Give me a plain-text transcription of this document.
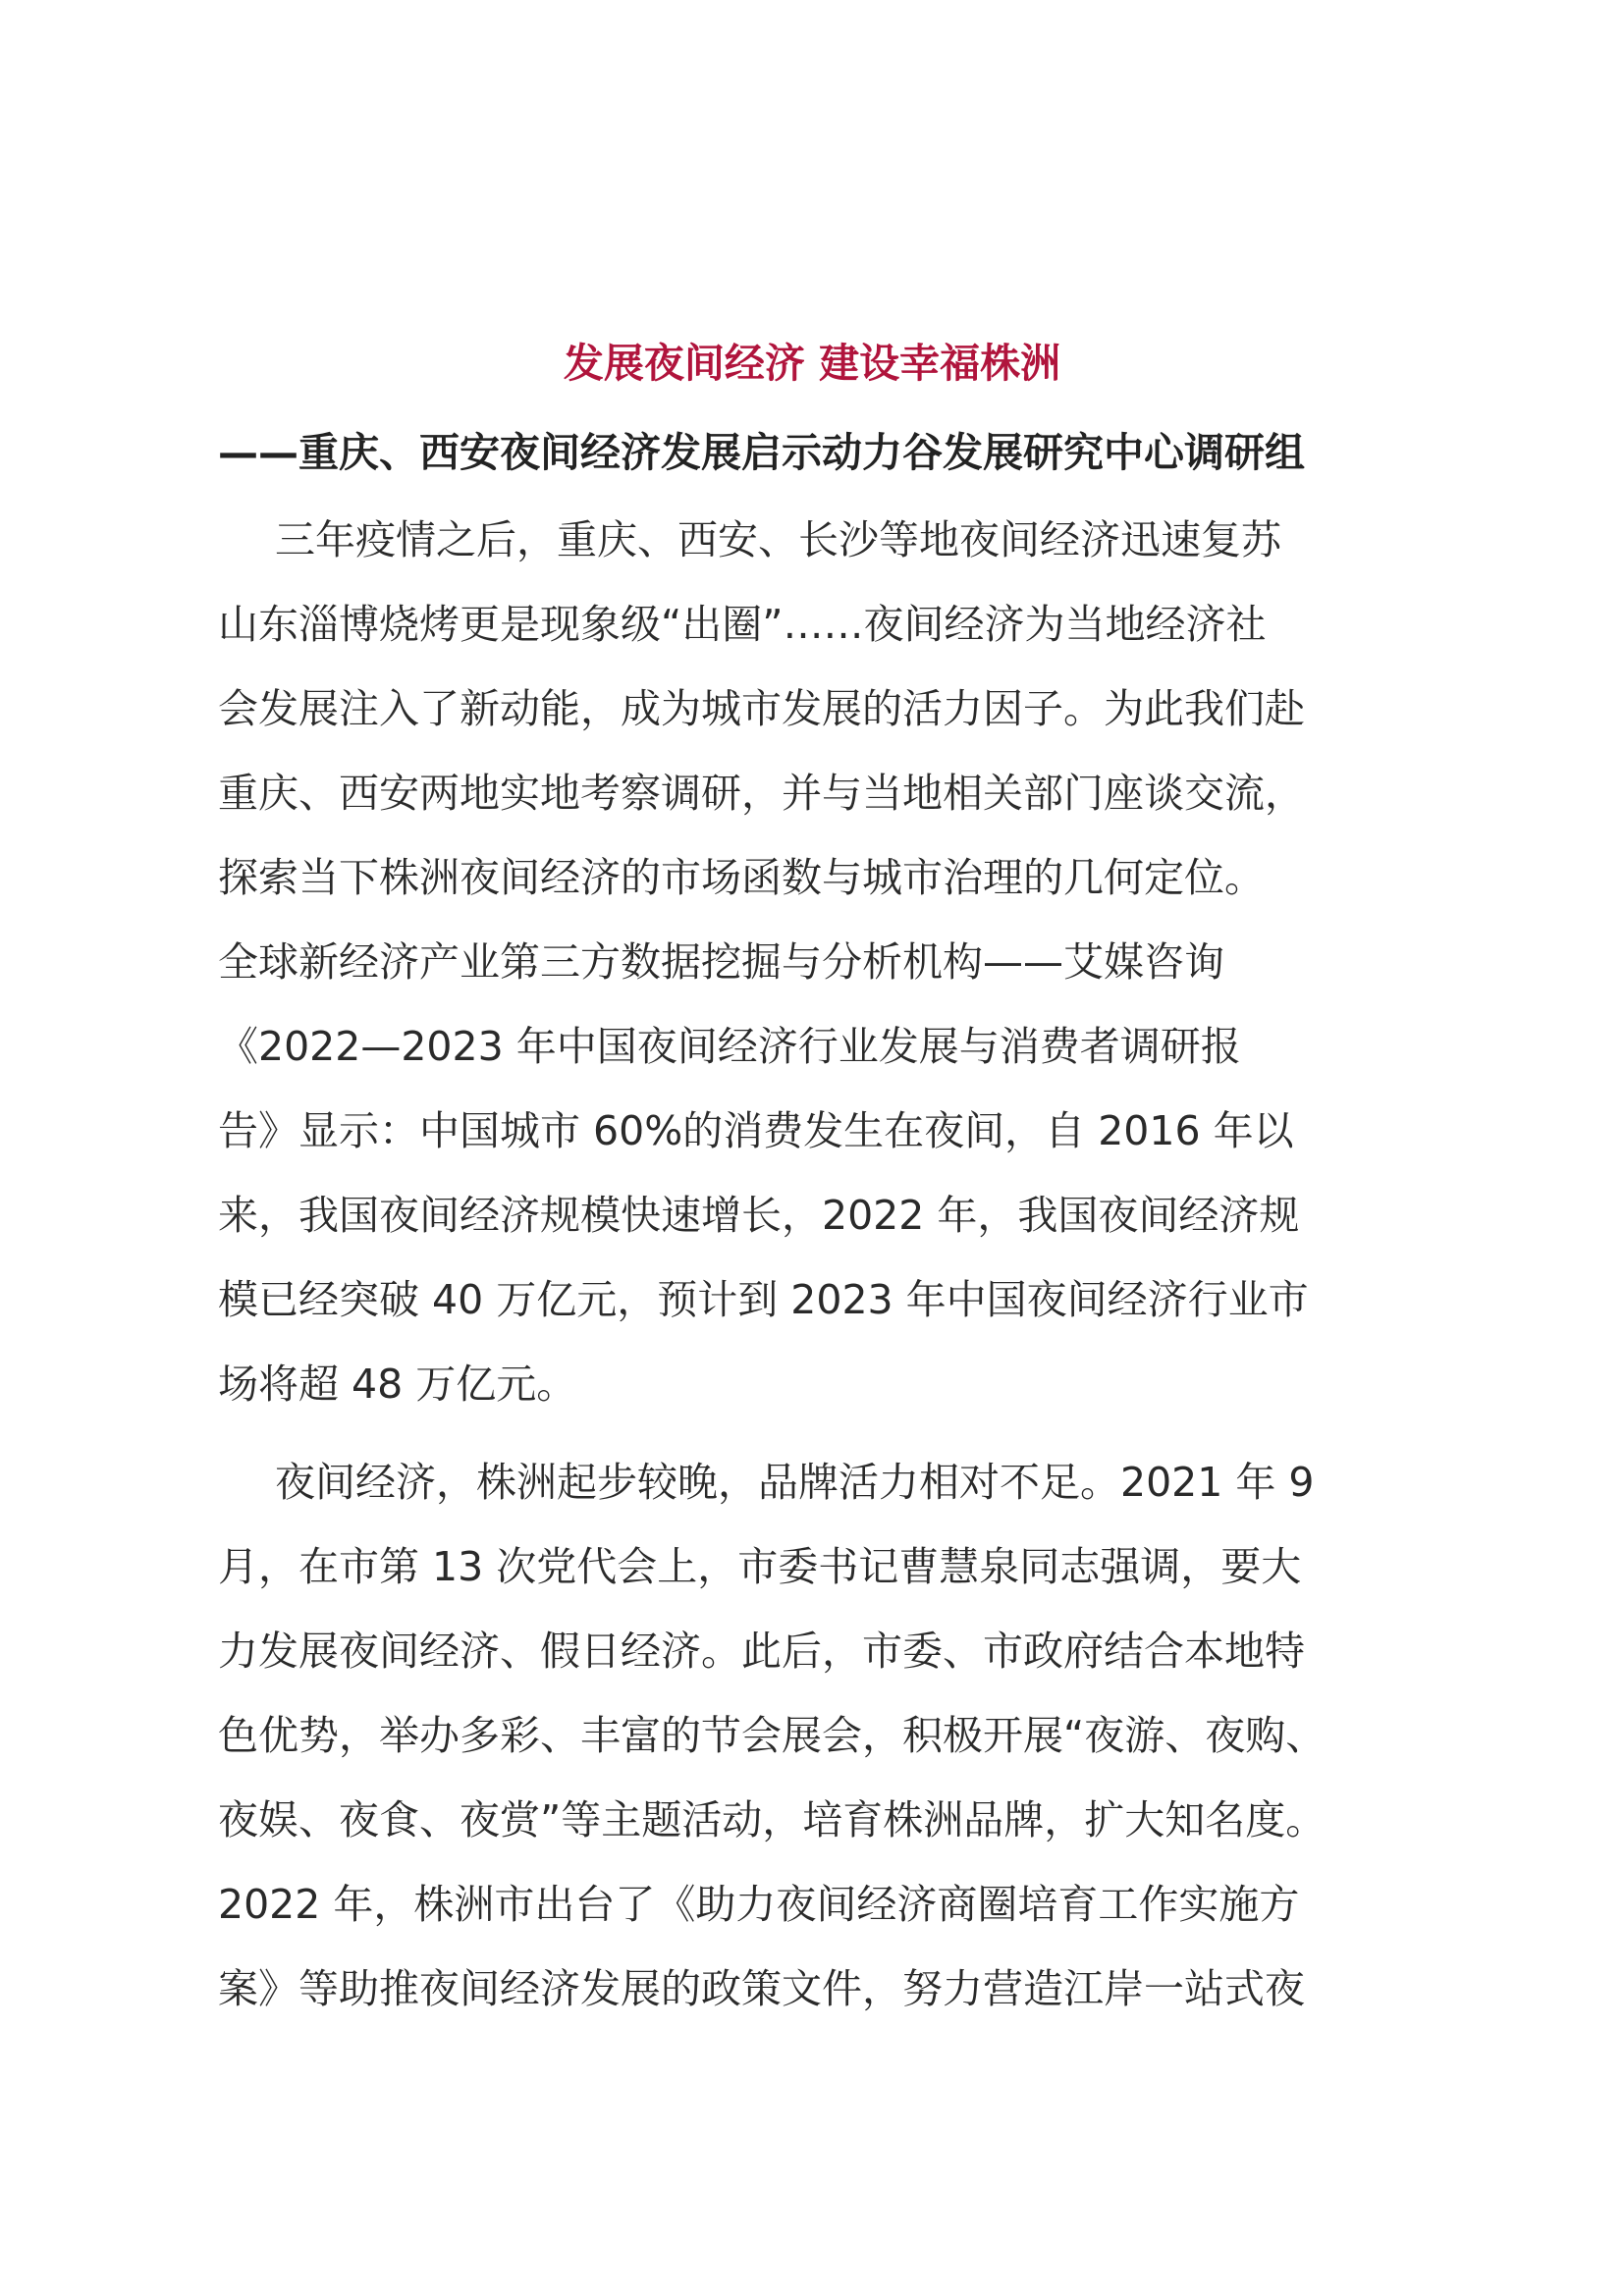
发展夜间经济 建设幸福株洲
——重庆、西安夜间经济发展启示动力谷发展研究中心调研组
三年疫情之后，重庆、西安、长沙等地夜间经济迅速复苏
山东淄博烧烤更是现象级“出圈”……夜间经济为当地经济社
会发展注入了新动能，成为城市发展的活力因子。为此我们赴
重庆、西安两地实地考察调研，并与当地相关部门座谈交流，
探索当下株洲夜间经济的市场函数与城市治理的几何定位。
全球新经济产业第三方数据挖掘与分析机构——艾媒咨询
《2022—2023 年中国夜间经济行业发展与消费者调研报
告》显示：中国城市 60%的消费发生在夜间，自 2016 年以
来，我国夜间经济规模快速增长，2022 年，我国夜间经济规
模已经突破 40 万亿元，预计到 2023 年中国夜间经济行业市
场将超 48 万亿元。
夜间经济，株洲起步较晚，品牌活力相对不足。2021 年 9
月，在市第 13 次党代会上，市委书记曹慧泉同志强调，要大
力发展夜间经济、假日经济。此后，市委、市政府结合本地特
色优势，举办多彩、丰富的节会展会，积极开展“夜游、夜购、
夜娱、夜食、夜赏”等主题活动，培育株洲品牌，扩大知名度。
2022 年，株洲市出台了《助力夜间经济商圈培育工作实施方
案》等助推夜间经济发展的政策文件，努力营造江岸一站式夜
